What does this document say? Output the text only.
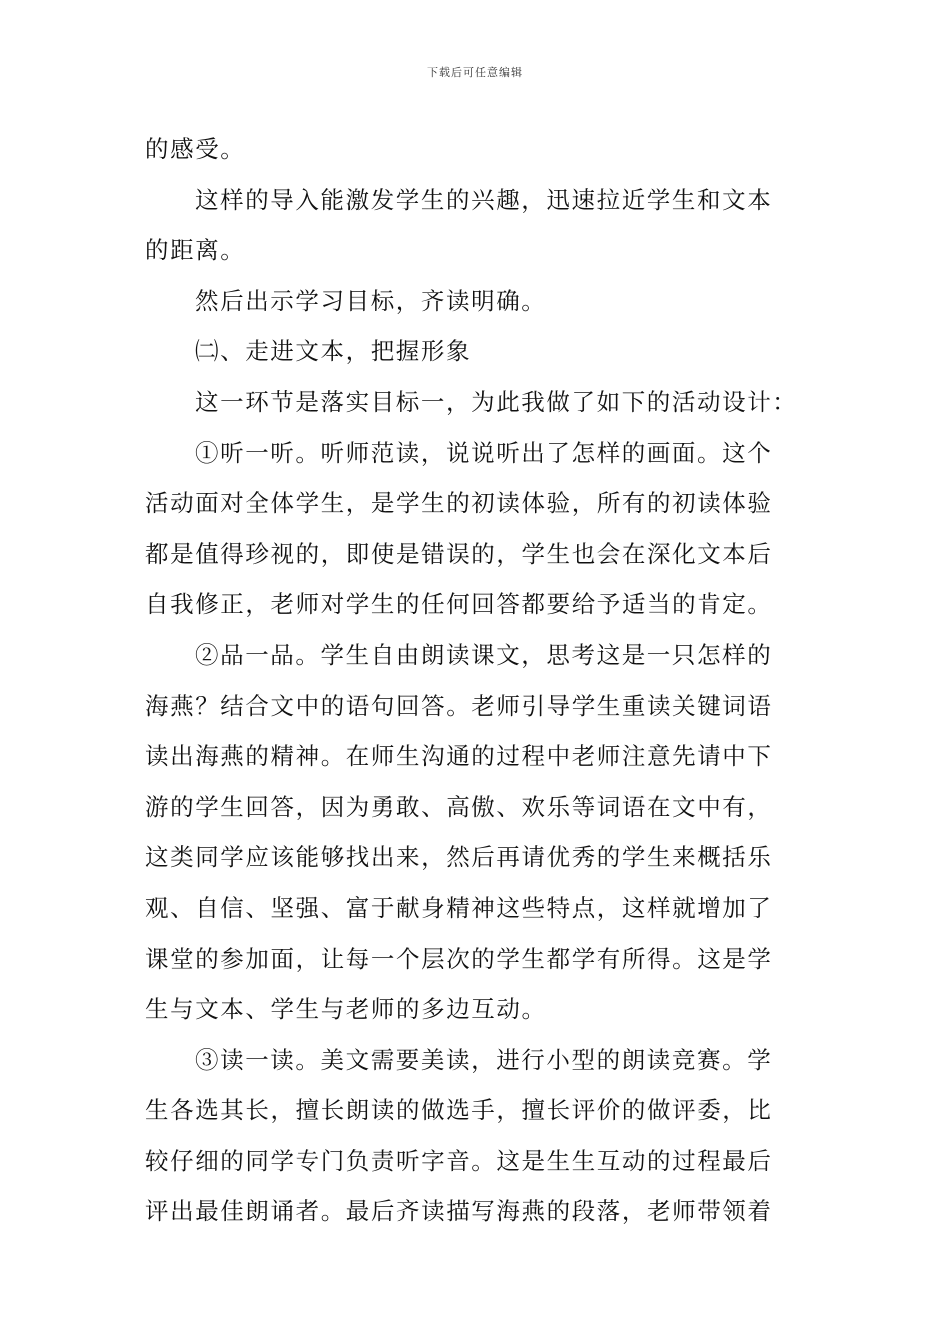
下载后可任意编辑
的感受。
这样的导入能激发学生的兴趣，迅速拉近学生和文本
的距离。
然后出示学习目标，齐读明确。
㈡、走进文本，把握形象
这一环节是落实目标一，为此我做了如下的活动设计：
①听一听。听师范读，说说听出了怎样的画面。这个
活动面对全体学生，是学生的初读体验，所有的初读体验
都是值得珍视的，即使是错误的，学生也会在深化文本后
自我修正，老师对学生的任何回答都要给予适当的肯定。
②品一品。学生自由朗读课文，思考这是一只怎样的
海燕？结合文中的语句回答。老师引导学生重读关键词语
读出海燕的精神。在师生沟通的过程中老师注意先请中下
游的学生回答，因为勇敢、高傲、欢乐等词语在文中有，
这类同学应该能够找出来，然后再请优秀的学生来概括乐
观、自信、坚强、富于献身精神这些特点，这样就增加了
课堂的参加面，让每一个层次的学生都学有所得。这是学
生与文本、学生与老师的多边互动。
③读一读。美文需要美读，进行小型的朗读竞赛。学
生各选其长，擅长朗读的做选手，擅长评价的做评委，比
较仔细的同学专门负责听字音。这是生生互动的过程最后
评出最佳朗诵者。最后齐读描写海燕的段落，老师带领着
